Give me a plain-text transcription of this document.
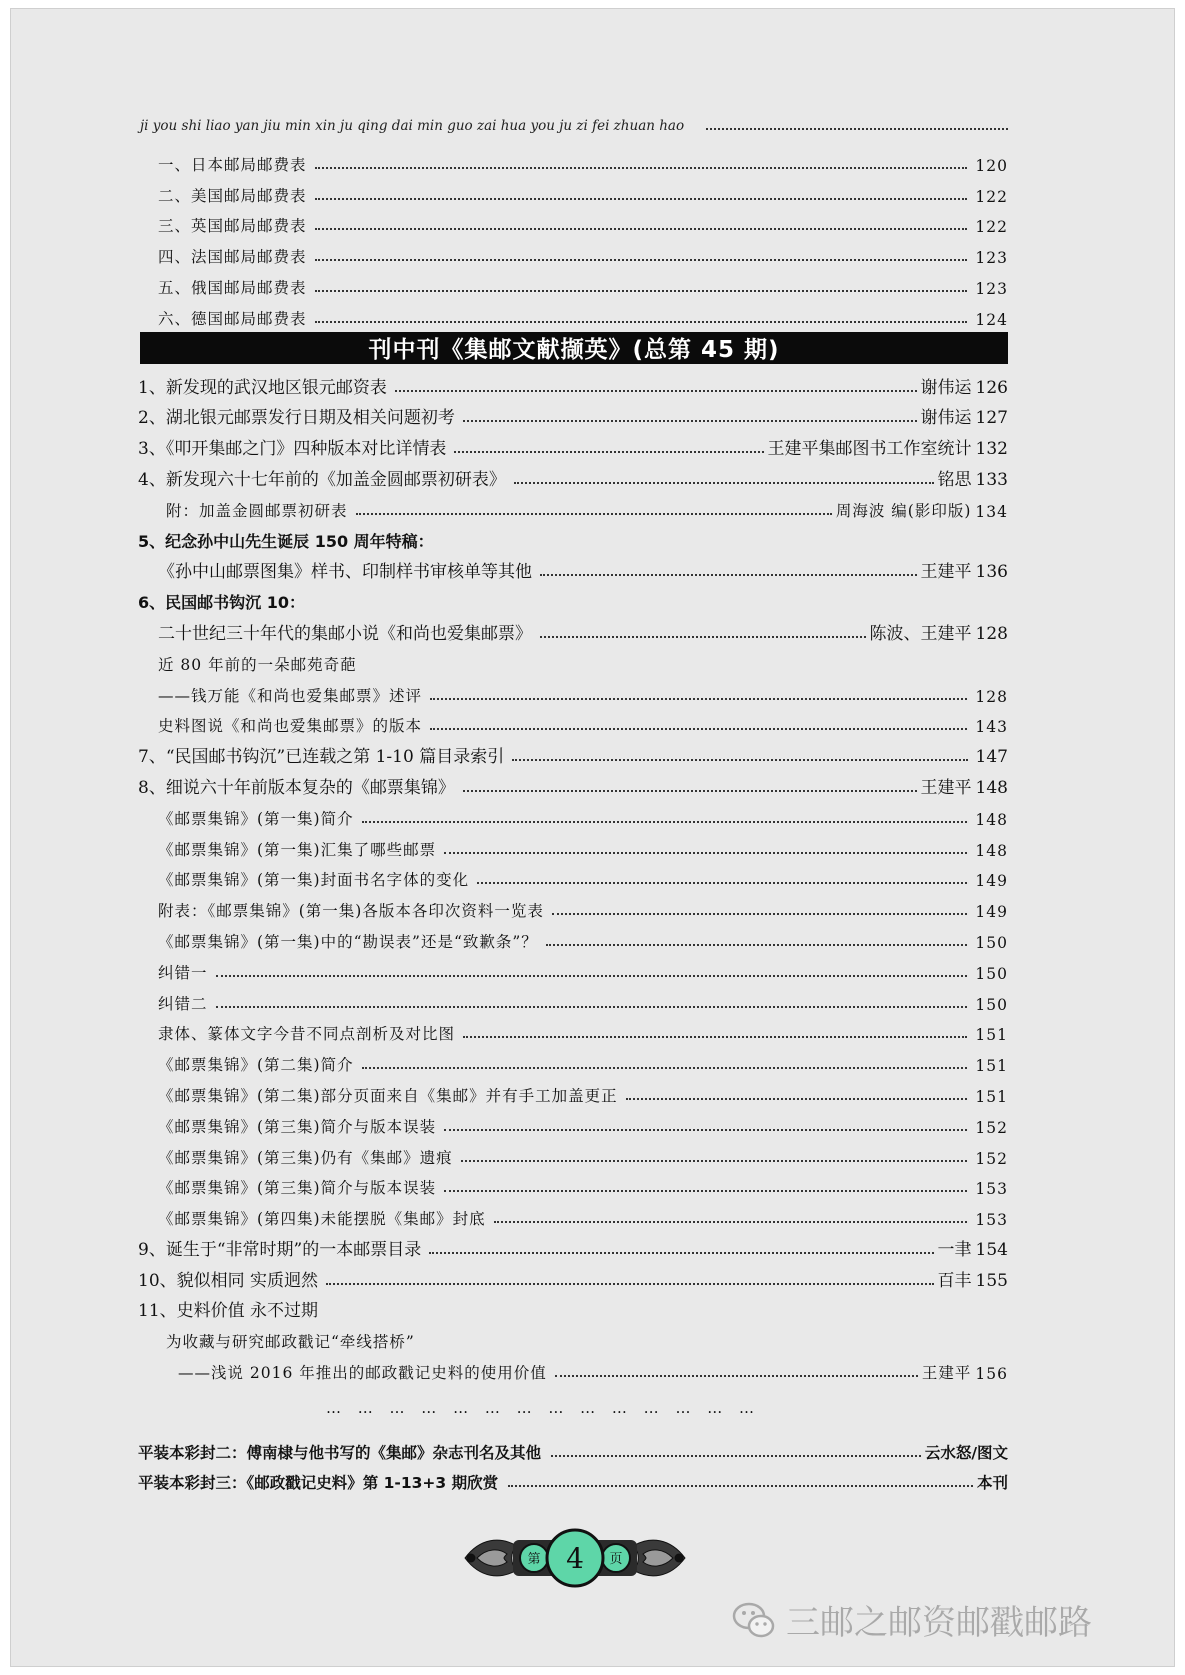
ji you shi liao yan jiu min xin ju qing dai min guo zai hua you ju zi fei zhuan hao
一、日本邮局邮费表	120
二、美国邮局邮费表	122
三、英国邮局邮费表	122
四、法国邮局邮费表	123
五、俄国邮局邮费表	123
六、德国邮局邮费表	124
刊中刊《集邮文献撷英》(总第 45 期)
1、新发现的武汉地区银元邮资表	谢伟运 126
2、湖北银元邮票发行日期及相关问题初考	谢伟运 127
3、《叩开集邮之门》四种版本对比详情表	王建平集邮图书工作室统计 132
4、新发现六十七年前的《加盖金圆邮票初研表》	铭思 133
附：加盖金圆邮票初研表	周海波 编(影印版) 134
5、纪念孙中山先生诞辰 150 周年特稿：
《孙中山邮票图集》样书、印制样书审核单等其他	王建平 136
6、民国邮书钩沉 10：
二十世纪三十年代的集邮小说《和尚也爱集邮票》	陈波、王建平 128
近 80 年前的一朵邮苑奇葩
——钱万能《和尚也爱集邮票》述评	128
史料图说《和尚也爱集邮票》的版本	143
7、“民国邮书钩沉”已连载之第 1-10 篇目录索引	147
8、细说六十年前版本复杂的《邮票集锦》	王建平 148
《邮票集锦》(第一集)简介	148
《邮票集锦》(第一集)汇集了哪些邮票	148
《邮票集锦》(第一集)封面书名字体的变化	149
附表：《邮票集锦》(第一集)各版本各印次资料一览表	149
《邮票集锦》(第一集)中的“勘误表”还是“致歉条”？	150
纠错一	150
纠错二	150
隶体、篆体文字今昔不同点剖析及对比图	151
《邮票集锦》(第二集)简介	151
《邮票集锦》(第二集)部分页面来自《集邮》并有手工加盖更正	151
《邮票集锦》(第三集)简介与版本误装	152
《邮票集锦》(第三集)仍有《集邮》遗痕	152
《邮票集锦》(第三集)简介与版本误装	153
《邮票集锦》(第四集)未能摆脱《集邮》封底	153
9、诞生于“非常时期”的一本邮票目录	一聿 154
10、貌似相同 实质迥然	百丰 155
11、史料价值 永不过期
为收藏与研究邮政戳记“牵线搭桥”
——浅说 2016 年推出的邮政戳记史料的使用价值	王建平 156
… … … … … … … … … … … … … …
平装本彩封二：傅南棣与他书写的《集邮》杂志刊名及其他	云水怒/图文
平装本彩封三：《邮政戳记史料》第 1-13+3 期欣赏	本刊
第	页
4
三邮之邮资邮戳邮路
